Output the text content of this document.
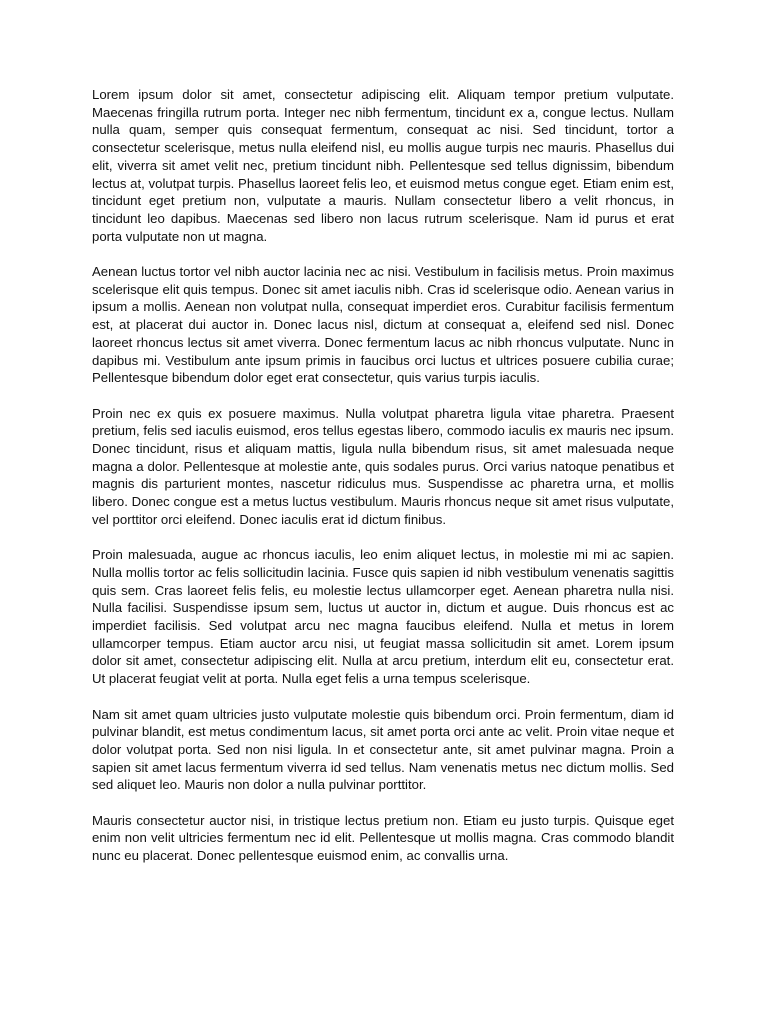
Lorem ipsum dolor sit amet, consectetur adipiscing elit. Aliquam tempor pretium vulputate. Maecenas fringilla rutrum porta. Integer nec nibh fermentum, tincidunt ex a, congue lectus. Nullam nulla quam, semper quis consequat fermentum, consequat ac nisi. Sed tincidunt, tortor a consectetur scelerisque, metus nulla eleifend nisl, eu mollis augue turpis nec mauris. Phasellus dui elit, viverra sit amet velit nec, pretium tincidunt nibh. Pellentesque sed tellus dignissim, bibendum lectus at, volutpat turpis. Phasellus laoreet felis leo, et euismod metus congue eget. Etiam enim est, tincidunt eget pretium non, vulputate a mauris. Nullam consectetur libero a velit rhoncus, in tincidunt leo dapibus. Maecenas sed libero non lacus rutrum scelerisque. Nam id purus et erat porta vulputate non ut magna.

Aenean luctus tortor vel nibh auctor lacinia nec ac nisi. Vestibulum in facilisis metus. Proin maximus scelerisque elit quis tempus. Donec sit amet iaculis nibh. Cras id scelerisque odio. Aenean varius in ipsum a mollis. Aenean non volutpat nulla, consequat imperdiet eros. Curabitur facilisis fermentum est, at placerat dui auctor in. Donec lacus nisl, dictum at consequat a, eleifend sed nisl. Donec laoreet rhoncus lectus sit amet viverra. Donec fermentum lacus ac nibh rhoncus vulputate. Nunc in dapibus mi. Vestibulum ante ipsum primis in faucibus orci luctus et ultrices posuere cubilia curae; Pellentesque bibendum dolor eget erat consectetur, quis varius turpis iaculis.

Proin nec ex quis ex posuere maximus. Nulla volutpat pharetra ligula vitae pharetra. Praesent pretium, felis sed iaculis euismod, eros tellus egestas libero, commodo iaculis ex mauris nec ipsum. Donec tincidunt, risus et aliquam mattis, ligula nulla bibendum risus, sit amet malesuada neque magna a dolor. Pellentesque at molestie ante, quis sodales purus. Orci varius natoque penatibus et magnis dis parturient montes, nascetur ridiculus mus. Suspendisse ac pharetra urna, et mollis libero. Donec congue est a metus luctus vestibulum. Mauris rhoncus neque sit amet risus vulputate, vel porttitor orci eleifend. Donec iaculis erat id dictum finibus.

Proin malesuada, augue ac rhoncus iaculis, leo enim aliquet lectus, in molestie mi mi ac sapien. Nulla mollis tortor ac felis sollicitudin lacinia. Fusce quis sapien id nibh vestibulum venenatis sagittis quis sem. Cras laoreet felis felis, eu molestie lectus ullamcorper eget. Aenean pharetra nulla nisi. Nulla facilisi. Suspendisse ipsum sem, luctus ut auctor in, dictum et augue. Duis rhoncus est ac imperdiet facilisis. Sed volutpat arcu nec magna faucibus eleifend. Nulla et metus in lorem ullamcorper tempus. Etiam auctor arcu nisi, ut feugiat massa sollicitudin sit amet. Lorem ipsum dolor sit amet, consectetur adipiscing elit. Nulla at arcu pretium, interdum elit eu, consectetur erat. Ut placerat feugiat velit at porta. Nulla eget felis a urna tempus scelerisque.

Nam sit amet quam ultricies justo vulputate molestie quis bibendum orci. Proin fermentum, diam id pulvinar blandit, est metus condimentum lacus, sit amet porta orci ante ac velit. Proin vitae neque et dolor volutpat porta. Sed non nisi ligula. In et consectetur ante, sit amet pulvinar magna. Proin a sapien sit amet lacus fermentum viverra id sed tellus. Nam venenatis metus nec dictum mollis. Sed sed aliquet leo. Mauris non dolor a nulla pulvinar porttitor.

Mauris consectetur auctor nisi, in tristique lectus pretium non. Etiam eu justo turpis. Quisque eget enim non velit ultricies fermentum nec id elit. Pellentesque ut mollis magna. Cras commodo blandit nunc eu placerat. Donec pellentesque euismod enim, ac convallis urna.
